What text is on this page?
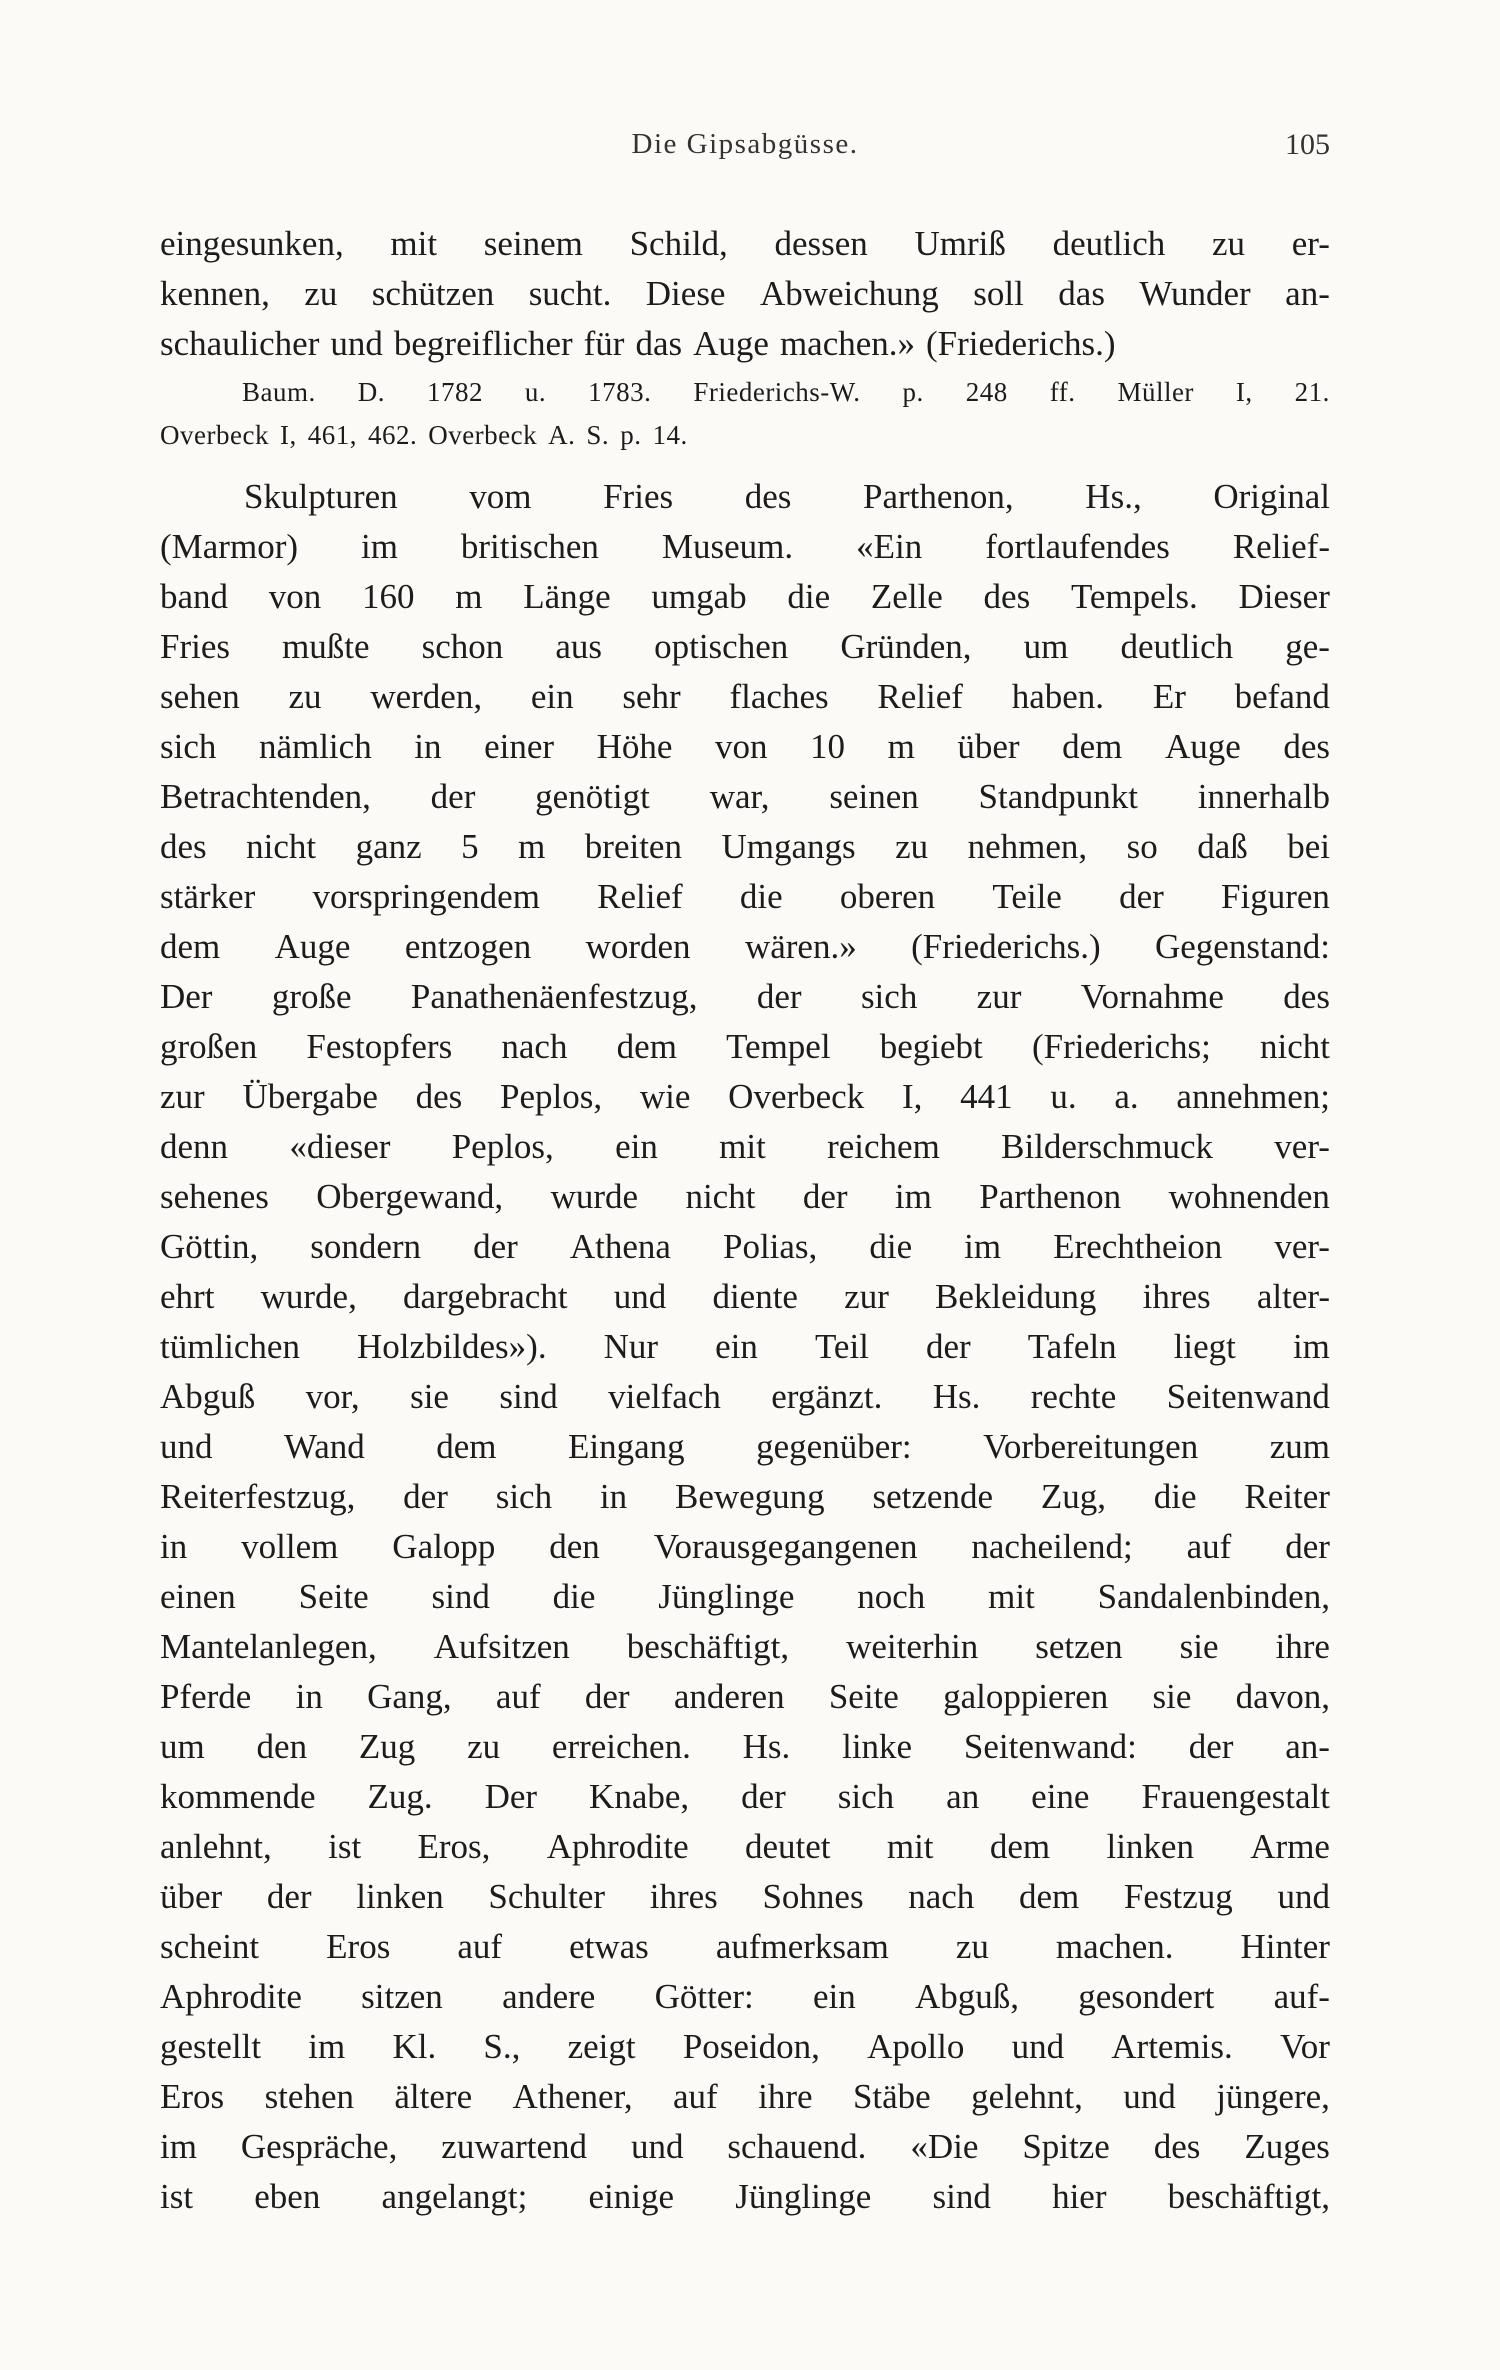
Die Gipsabgüsse.	105
eingesunken, mit seinem Schild, dessen Umriß deutlich zu er-
kennen, zu schützen sucht. Diese Abweichung soll das Wunder an-
schaulicher und begreiflicher für das Auge machen.» (Friederichs.)
Baum. D. 1782 u. 1783. Friederichs-W. p. 248 ff. Müller I, 21.
Overbeck I, 461, 462. Overbeck A. S. p. 14.
Skulpturen vom Fries des Parthenon, Hs., Original
(Marmor) im britischen Museum. «Ein fortlaufendes Relief-
band von 160 m Länge umgab die Zelle des Tempels. Dieser
Fries mußte schon aus optischen Gründen, um deutlich ge-
sehen zu werden, ein sehr flaches Relief haben. Er befand
sich nämlich in einer Höhe von 10 m über dem Auge des
Betrachtenden, der genötigt war, seinen Standpunkt innerhalb
des nicht ganz 5 m breiten Umgangs zu nehmen, so daß bei
stärker vorspringendem Relief die oberen Teile der Figuren
dem Auge entzogen worden wären.» (Friederichs.) Gegenstand:
Der große Panathenäenfestzug, der sich zur Vornahme des
großen Festopfers nach dem Tempel begiebt (Friederichs; nicht
zur Übergabe des Peplos, wie Overbeck I, 441 u. a. annehmen;
denn «dieser Peplos, ein mit reichem Bilderschmuck ver-
sehenes Obergewand, wurde nicht der im Parthenon wohnenden
Göttin, sondern der Athena Polias, die im Erechtheion ver-
ehrt wurde, dargebracht und diente zur Bekleidung ihres alter-
tümlichen Holzbildes»). Nur ein Teil der Tafeln liegt im
Abguß vor, sie sind vielfach ergänzt. Hs. rechte Seitenwand
und Wand dem Eingang gegenüber: Vorbereitungen zum
Reiterfestzug, der sich in Bewegung setzende Zug, die Reiter
in vollem Galopp den Vorausgegangenen nacheilend; auf der
einen Seite sind die Jünglinge noch mit Sandalenbinden,
Mantelanlegen, Aufsitzen beschäftigt, weiterhin setzen sie ihre
Pferde in Gang, auf der anderen Seite galoppieren sie davon,
um den Zug zu erreichen. Hs. linke Seitenwand: der an-
kommende Zug. Der Knabe, der sich an eine Frauengestalt
anlehnt, ist Eros, Aphrodite deutet mit dem linken Arme
über der linken Schulter ihres Sohnes nach dem Festzug und
scheint Eros auf etwas aufmerksam zu machen. Hinter
Aphrodite sitzen andere Götter: ein Abguß, gesondert auf-
gestellt im Kl. S., zeigt Poseidon, Apollo und Artemis. Vor
Eros stehen ältere Athener, auf ihre Stäbe gelehnt, und jüngere,
im Gespräche, zuwartend und schauend. «Die Spitze des Zuges
ist eben angelangt; einige Jünglinge sind hier beschäftigt,
